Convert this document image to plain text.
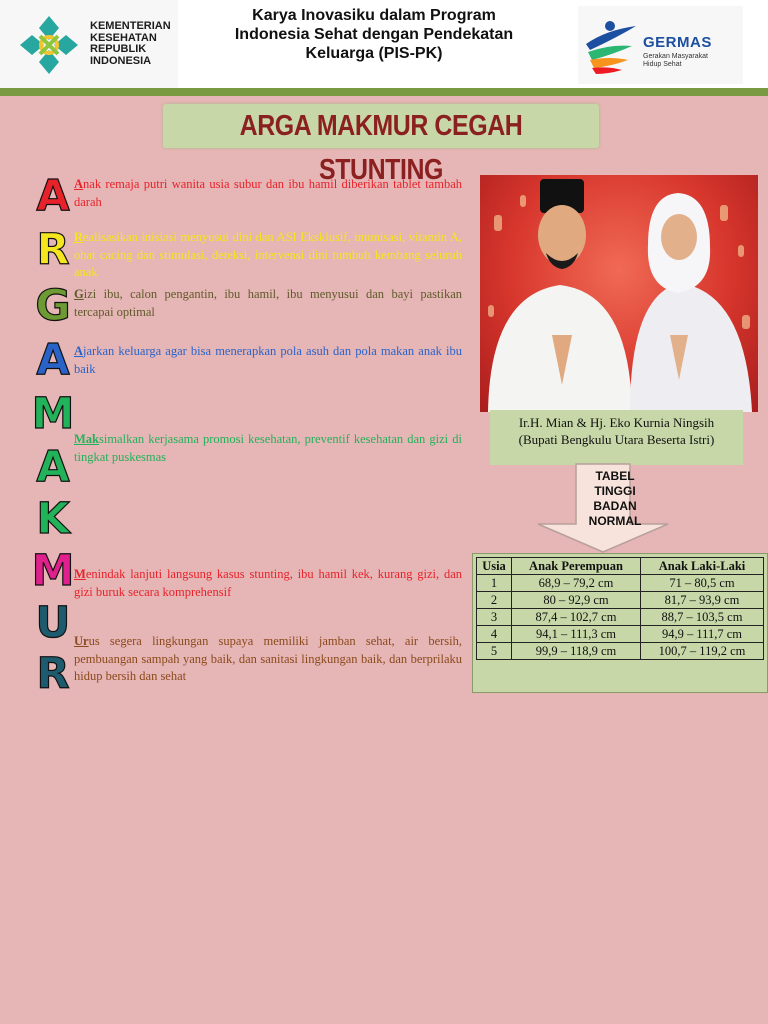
KEMENTERIAN
KESEHATAN
REPUBLIK
INDONESIA
Karya Inovasiku dalam Program
Indonesia Sehat dengan Pendekatan
Keluarga (PIS-PK)
GERMAS
Gerakan Masyarakat
Hidup Sehat
ARGA MAKMUR CEGAH STUNTING
A
R
G
A
M
A
K
M
U
R
Anak remaja putri wanita usia subur dan ibu hamil diberikan tablet tambah darah
Realisasikan inisiasi menyusui dini dan ASI Eksklusif, imunisasi, vitamin A, obat cacing dan stimulasi, deteksi, intervensi dini tumbuh kembang seluruh anak
Gizi ibu, calon pengantin, ibu hamil, ibu menyusui dan bayi pastikan tercapai optimal
Ajarkan keluarga agar bisa menerapkan pola asuh dan pola makan anak ibu baik
Maksimalkan kerjasama promosi kesehatan, preventif kesehatan dan gizi di tingkat puskesmas
Menindak lanjuti langsung kasus stunting, ibu hamil kek, kurang gizi, dan gizi buruk secara komprehensif
Urus segera lingkungan supaya memiliki jamban sehat, air bersih, pembuangan sampah yang baik, dan sanitasi lingkungan baik, dan berprilaku hidup bersih dan sehat
Ir.H. Mian & Hj. Eko Kurnia Ningsih
(Bupati Bengkulu Utara Beserta Istri)
TABEL
TINGGI
BADAN
NORMAL
Usia	Anak Perempuan	Anak Laki-Laki
1	68,9 – 79,2 cm	71 – 80,5 cm
2	80 – 92,9 cm	81,7 – 93,9 cm
3	87,4 – 102,7 cm	88,7 – 103,5 cm
4	94,1 – 111,3 cm	94,9 – 111,7 cm
5	99,9 – 118,9 cm	100,7 – 119,2 cm
